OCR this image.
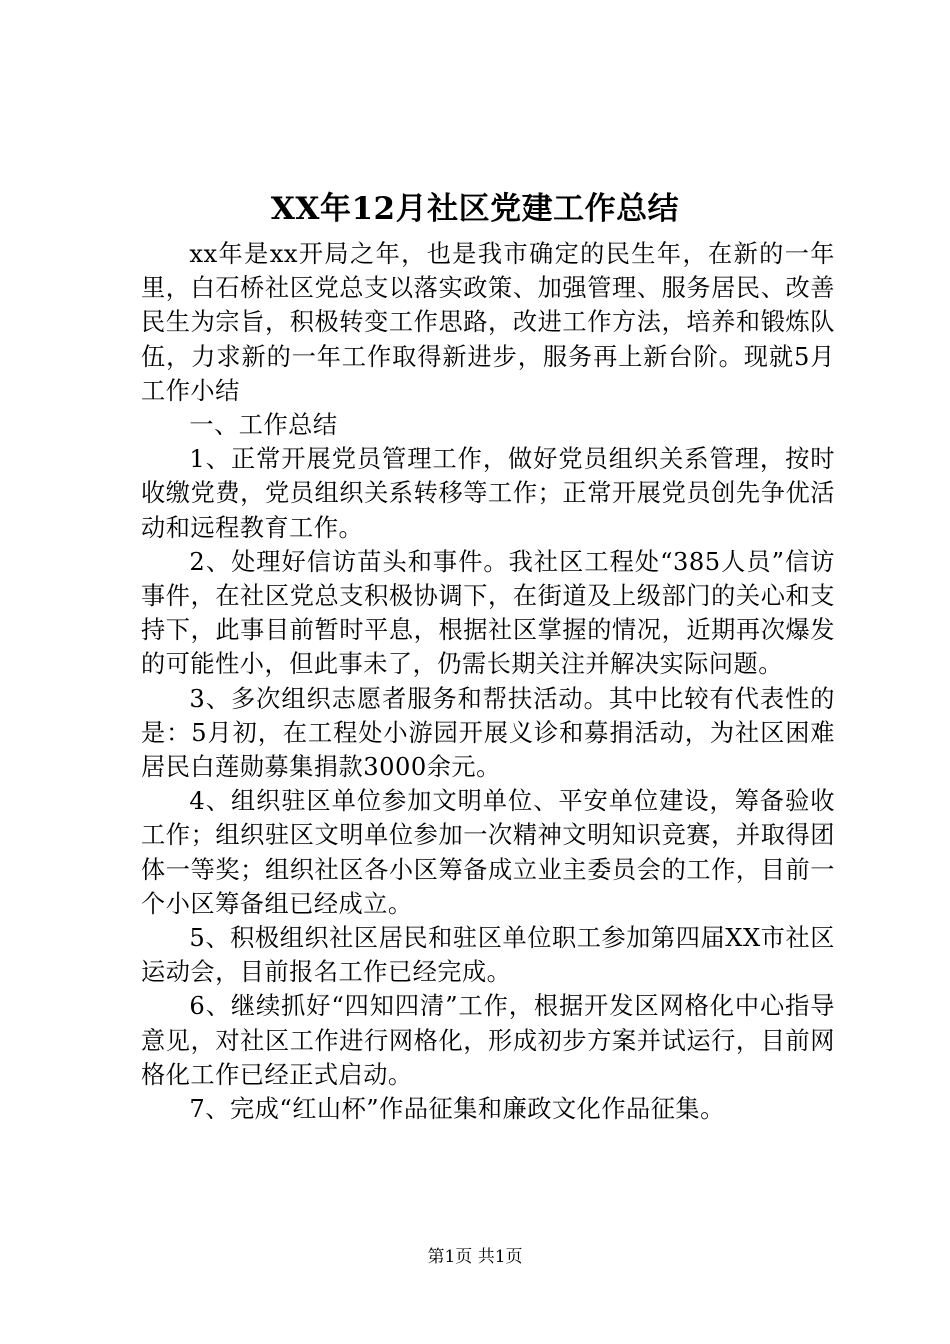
XX年12月社区党建工作总结

xx年是xx开局之年，也是我市确定的民生年，在新的一年里，白石桥社区党总支以落实政策、加强管理、服务居民、改善民生为宗旨，积极转变工作思路，改进工作方法，培养和锻炼队伍，力求新的一年工作取得新进步，服务再上新台阶。现就5月工作小结

一、工作总结

1、正常开展党员管理工作，做好党员组织关系管理，按时收缴党费，党员组织关系转移等工作；正常开展党员创先争优活动和远程教育工作。

2、处理好信访苗头和事件。我社区工程处“385人员”信访事件，在社区党总支积极协调下，在街道及上级部门的关心和支持下，此事目前暂时平息，根据社区掌握的情况，近期再次爆发的可能性小，但此事未了，仍需长期关注并解决实际问题。

3、多次组织志愿者服务和帮扶活动。其中比较有代表性的是：5月初，在工程处小游园开展义诊和募捐活动，为社区困难居民白莲勋募集捐款3000余元。

4、组织驻区单位参加文明单位、平安单位建设，筹备验收工作；组织驻区文明单位参加一次精神文明知识竞赛，并取得团体一等奖；组织社区各小区筹备成立业主委员会的工作，目前一个小区筹备组已经成立。

5、积极组织社区居民和驻区单位职工参加第四届XX市社区运动会，目前报名工作已经完成。

6、继续抓好“四知四清”工作，根据开发区网格化中心指导意见，对社区工作进行网格化，形成初步方案并试运行，目前网格化工作已经正式启动。

7、完成“红山杯”作品征集和廉政文化作品征集。

第1页 共1页
